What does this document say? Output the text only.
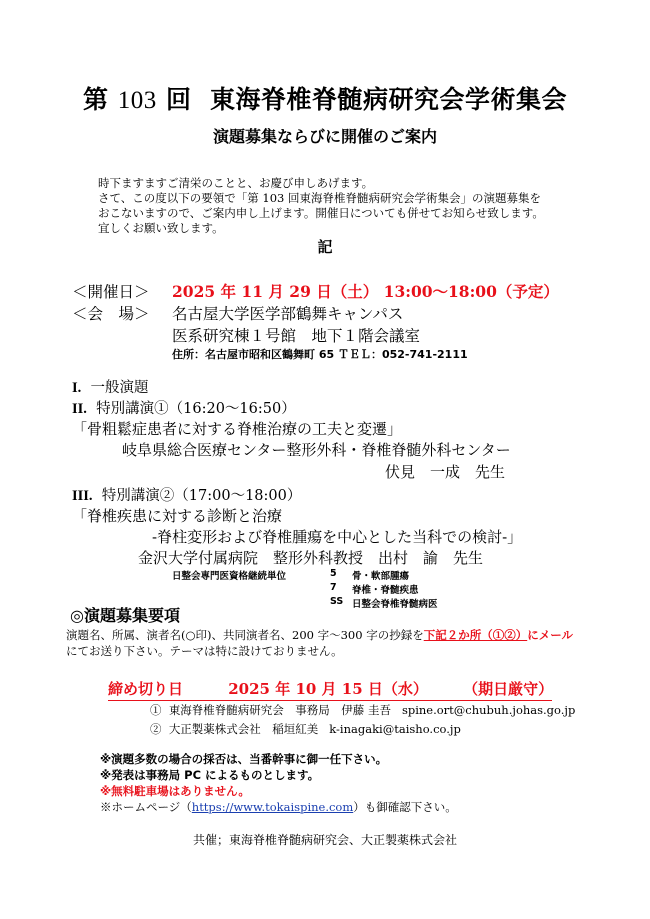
第 103 回 東海脊椎脊髄病研究会学術集会
演題募集ならびに開催のご案内
時下ますますご清栄のことと、お慶び申しあげます。
さて、この度以下の要領で「第 103 回東海脊椎脊髄病研究会学術集会」の演題募集を
おこないますので、ご案内申し上げます。開催日についても併せてお知らせ致します。
宜しくお願い致します。
記
＜開催日＞ 2025 年 11 月 29 日（土） 13:00〜18:00（予定）
＜会　場＞ 名古屋大学医学部鶴舞キャンパス
医系研究棟１号館　地下１階会議室
住所：名古屋市昭和区鶴舞町 65 ＴＥＬ：052-741-2111
I. 一般演題
II. 特別講演①（16:20〜16:50）
「骨粗鬆症患者に対する脊椎治療の工夫と変遷」
岐阜県総合医療センター整形外科・脊椎脊髄外科センター
伏見　一成　先生
III. 特別講演②（17:00〜18:00）
「脊椎疾患に対する診断と治療
-脊柱変形および脊椎腫瘍を中心とした当科での検討-」
金沢大学付属病院　整形外科教授　出村　諭　先生
日整会専門医資格継続単位	5 骨・軟部腫瘍
7 脊椎・脊髄疾患
SS 日整会脊椎脊髄病医
◎演題募集要項
演題名、所属、演者名(○印)、共同演者名、200 字〜300 字の抄録を下記２か所（①②）にメール
にてお送り下さい。テーマは特に設けておりません。
締め切り日	2025 年 10 月 15 日（水） （期日厳守）
① 東海脊椎脊髄病研究会　事務局　伊藤 圭吾 spine.ort@chubuh.johas.go.jp
② 大正製薬株式会社　稲垣紅美 k-inagaki@taisho.co.jp
※演題多数の場合の採否は、当番幹事に御一任下さい。
※発表は事務局 PC によるものとします。
※無料駐車場はありません。
※ホームページ（https://www.tokaispine.com）も御確認下さい。
共催；東海脊椎脊髄病研究会、大正製薬株式会社
